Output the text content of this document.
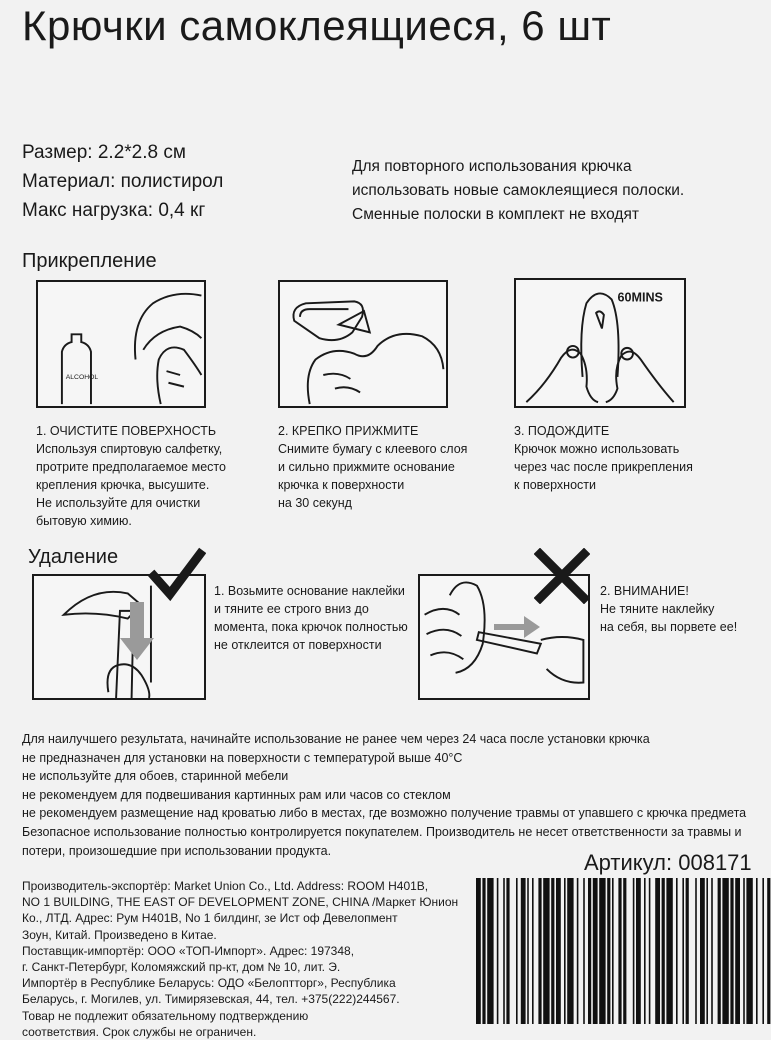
Крючки самоклеящиеся, 6 шт
Размер: 2.2*2.8 см
Материал: полистирол
Макс нагрузка: 0,4 кг
Для повторного использования крючка
использовать новые самоклеящиеся полоски.
Сменные полоски в комплект не входят
Прикрепление
ALCOHOL
60MINS
1. ОЧИСТИТЕ ПОВЕРХНОСТЬ
Используя спиртовую салфетку,
протрите предполагаемое место
крепления крючка, высушите.
Не используйте для очистки
бытовую химию.
2. КРЕПКО ПРИЖМИТЕ
Снимите бумагу с клеевого слоя
и сильно прижмите основание
крючка к поверхности
на 30 секунд
3. ПОДОЖДИТЕ
Крючок можно использовать
через час после прикрепления
к поверхности
Удаление
1. Возьмите основание наклейки
и тяните ее строго вниз до
момента, пока крючок полностью
не отклеится от поверхности
2. ВНИМАНИЕ!
Не тяните наклейку
на себя, вы порвете ее!
Для наилучшего результата, начинайте использование не ранее чем через 24 часа после установки крючка
не предназначен для установки на поверхности с температурой выше 40°С
не используйте для обоев, старинной мебели
не рекомендуем для подвешивания картинных рам или часов со стеклом
не рекомендуем размещение над кроватью либо в местах, где возможно получение травмы от упавшего с крючка предмета
Безопасное использование полностью контролируется покупателем. Производитель не несет ответственности за травмы и
потери, произошедшие при использовании продукта.	Артикул: 008171
Производитель-экспортёр: Market Union Co., Ltd. Address: ROOM H401B,
NO 1 BUILDING, THE EAST OF DEVELOPMENT ZONE, CHINA /Маркет Юнион
Ко., ЛТД. Адрес: Рум H401B, No 1 билдинг, зе Ист оф Девелопмент
Зоун, Китай. Произведено в Китае.
Поставщик-импортёр: ООО «ТОП-Импорт». Адрес: 197348,
г. Санкт-Петербург, Коломяжский пр-кт, дом № 10, лит. Э.
Импортёр в Республике Беларусь: ОДО «Белоптторг», Республика
Беларусь, г. Могилев, ул. Тимирязевская, 44, тел. +375(222)244567.
Товар не подлежит обязательному подтверждению
соответствия. Срок службы не ограничен.
